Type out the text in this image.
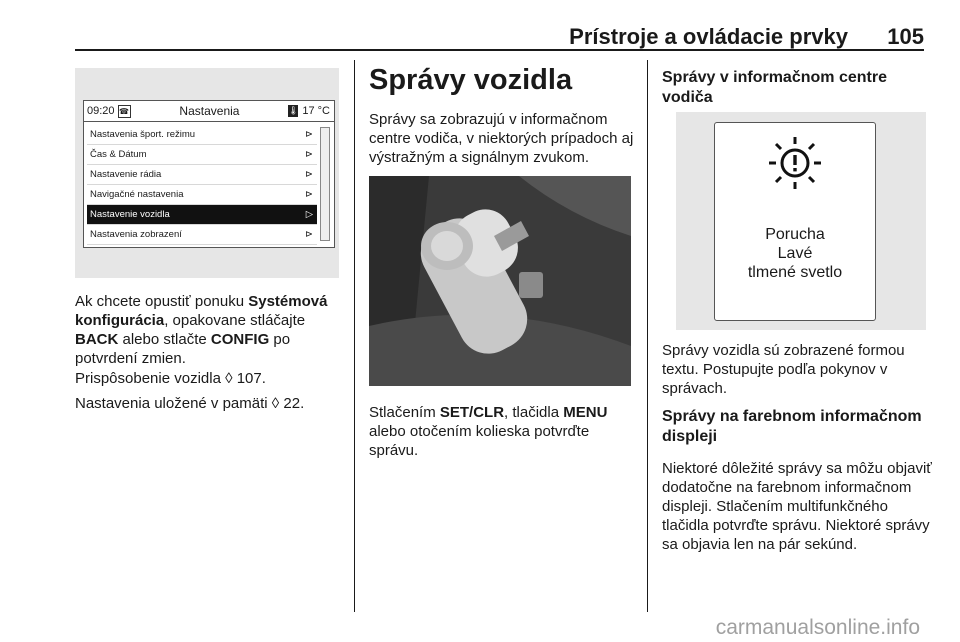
Prístroje a ovládacie prvky 105
09:20 ☎	Nastavenia	🌡 17 °C
Nastavenia šport. režimu	⊳
Čas & Dátum	⊳
Nastavenie rádia	⊳
Navigačné nastavenia	⊳
Nastavenie vozidla	▷
Nastavenia zobrazení	⊳
Ak chcete opustiť ponuku Systémová konfigurácia, opakovane stláčajte BACK alebo stlačte CONFIG po potvrdení zmien.
Prispôsobenie vozidla ◊ 107.
Nastavenia uložené v pamäti ◊ 22.
Správy vozidla
Správy sa zobrazujú v informačnom centre vodiča, v niektorých prípadoch aj výstražným a signálnym zvukom.
Stlačením SET/CLR, tlačidla MENU alebo otočením kolieska potvrďte správu.
Správy v informačnom centre vodiča
Porucha
Lavé
tlmené svetlo
Správy vozidla sú zobrazené formou textu. Postupujte podľa pokynov v správach.
Správy na farebnom informačnom displeji
Niektoré dôležité správy sa môžu objaviť dodatočne na farebnom informačnom displeji. Stlačením multifunkčného tlačidla potvrďte správu. Niektoré správy sa objavia len na pár sekúnd.
carmanualsonline.info
